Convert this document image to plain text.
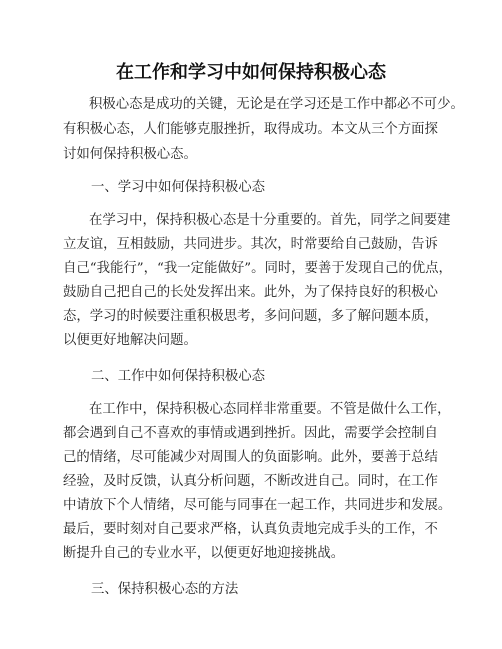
在工作和学习中如何保持积极心态
积极心态是成功的关键，无论是在学习还是工作中都必不可少。
有积极心态，人们能够克服挫折，取得成功。本文从三个方面探
讨如何保持积极心态。
一、学习中如何保持积极心态
在学习中，保持积极心态是十分重要的。首先，同学之间要建
立友谊，互相鼓励，共同进步。其次，时常要给自己鼓励，告诉
自己“我能行”，“我一定能做好”。同时，要善于发现自己的优点，
鼓励自己把自己的长处发挥出来。此外，为了保持良好的积极心
态，学习的时候要注重积极思考，多问问题，多了解问题本质，
以便更好地解决问题。
二、工作中如何保持积极心态
在工作中，保持积极心态同样非常重要。不管是做什么工作，
都会遇到自己不喜欢的事情或遇到挫折。因此，需要学会控制自
己的情绪，尽可能减少对周围人的负面影响。此外，要善于总结
经验，及时反馈，认真分析问题，不断改进自己。同时，在工作
中请放下个人情绪，尽可能与同事在一起工作，共同进步和发展。
最后，要时刻对自己要求严格，认真负责地完成手头的工作，不
断提升自己的专业水平，以便更好地迎接挑战。
三、保持积极心态的方法
